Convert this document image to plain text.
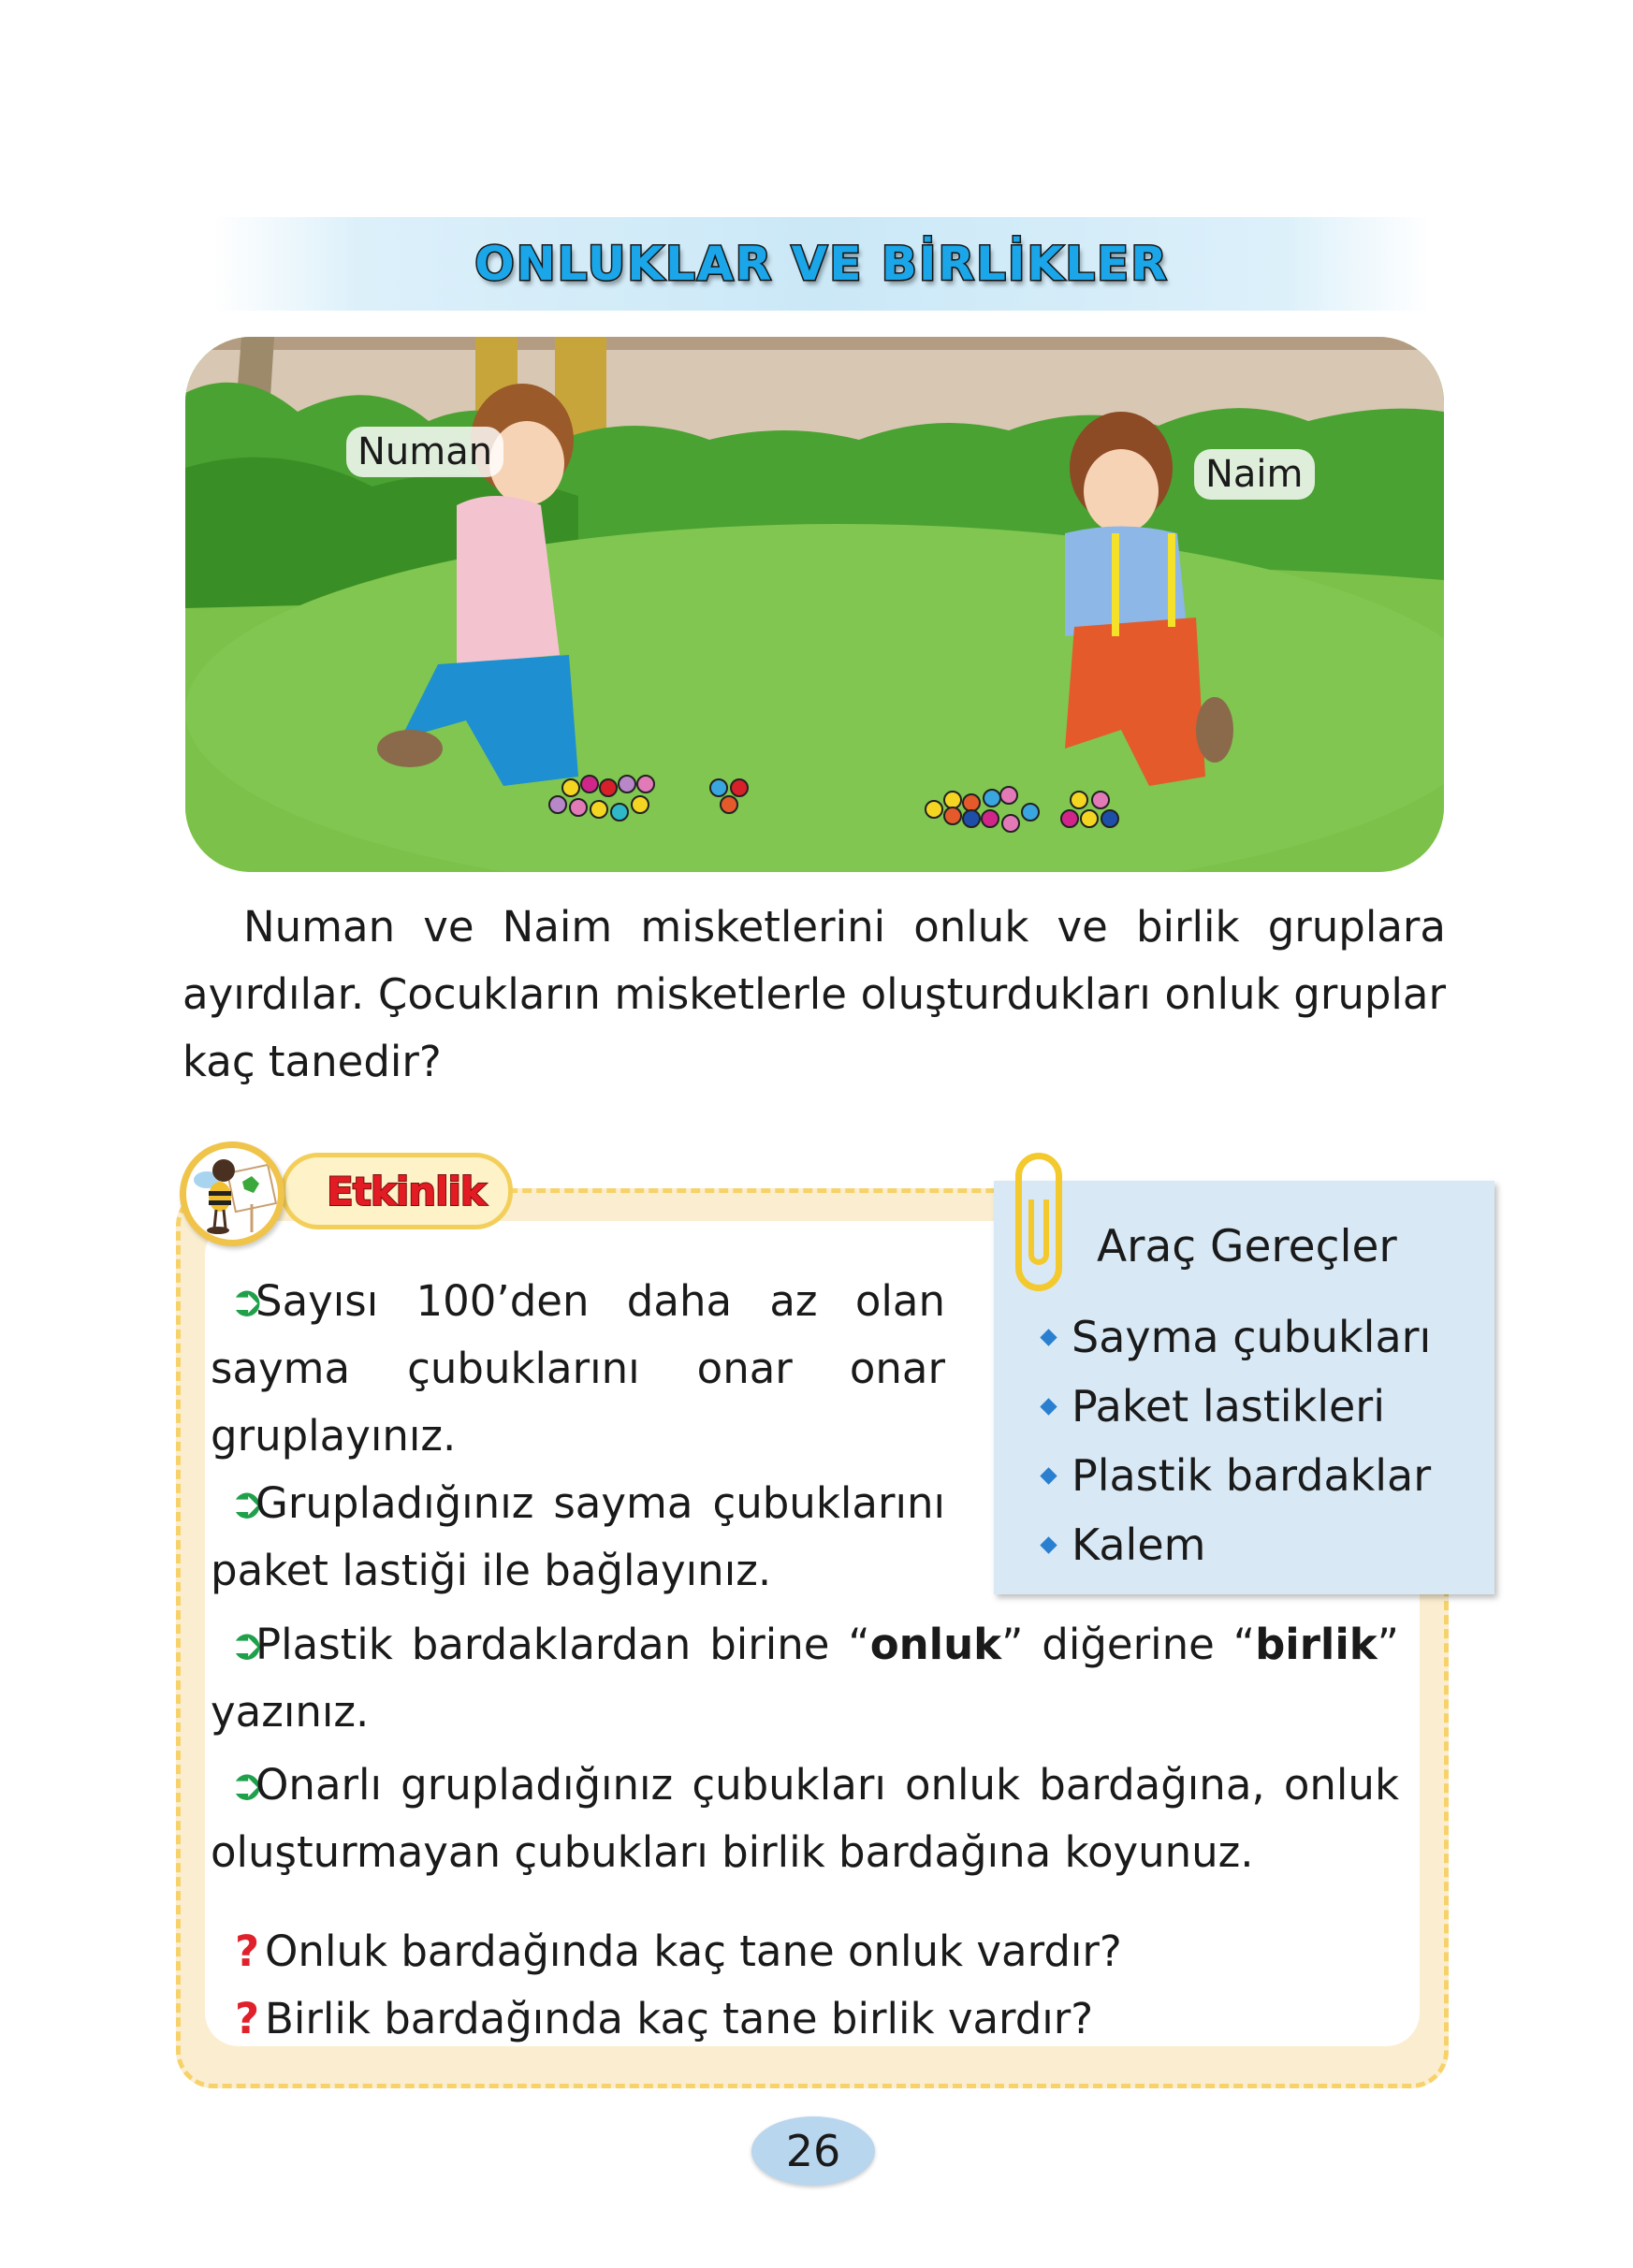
ONLUKLAR VE BİRLİKLER
Numan
Naim

Numan ve Naim misketlerini onluk ve birlik gruplara ayırdılar. Çocukların misketlerle oluşturdukları onluk gruplar kaç tanedir?

Etkinlik

➲Sayısı 100’den daha az olan sayma çubuklarını onar onar gruplayınız.

➲Grupladığınız sayma çubuklarını paket lastiği ile bağlayınız.

➲Plastik bardaklardan birine “onluk” diğerine “birlik” yazınız.

➲Onarlı grupladığınız çubukları onluk bardağına, onluk oluşturmayan çubukları birlik bardağına koyunuz.

? Onluk bardağında kaç tane onluk vardır?

? Birlik bardağında kaç tane birlik vardır?

Araç Gereçler
Sayma çubukları
Paket lastikleri
Plastik bardaklar
Kalem
26
